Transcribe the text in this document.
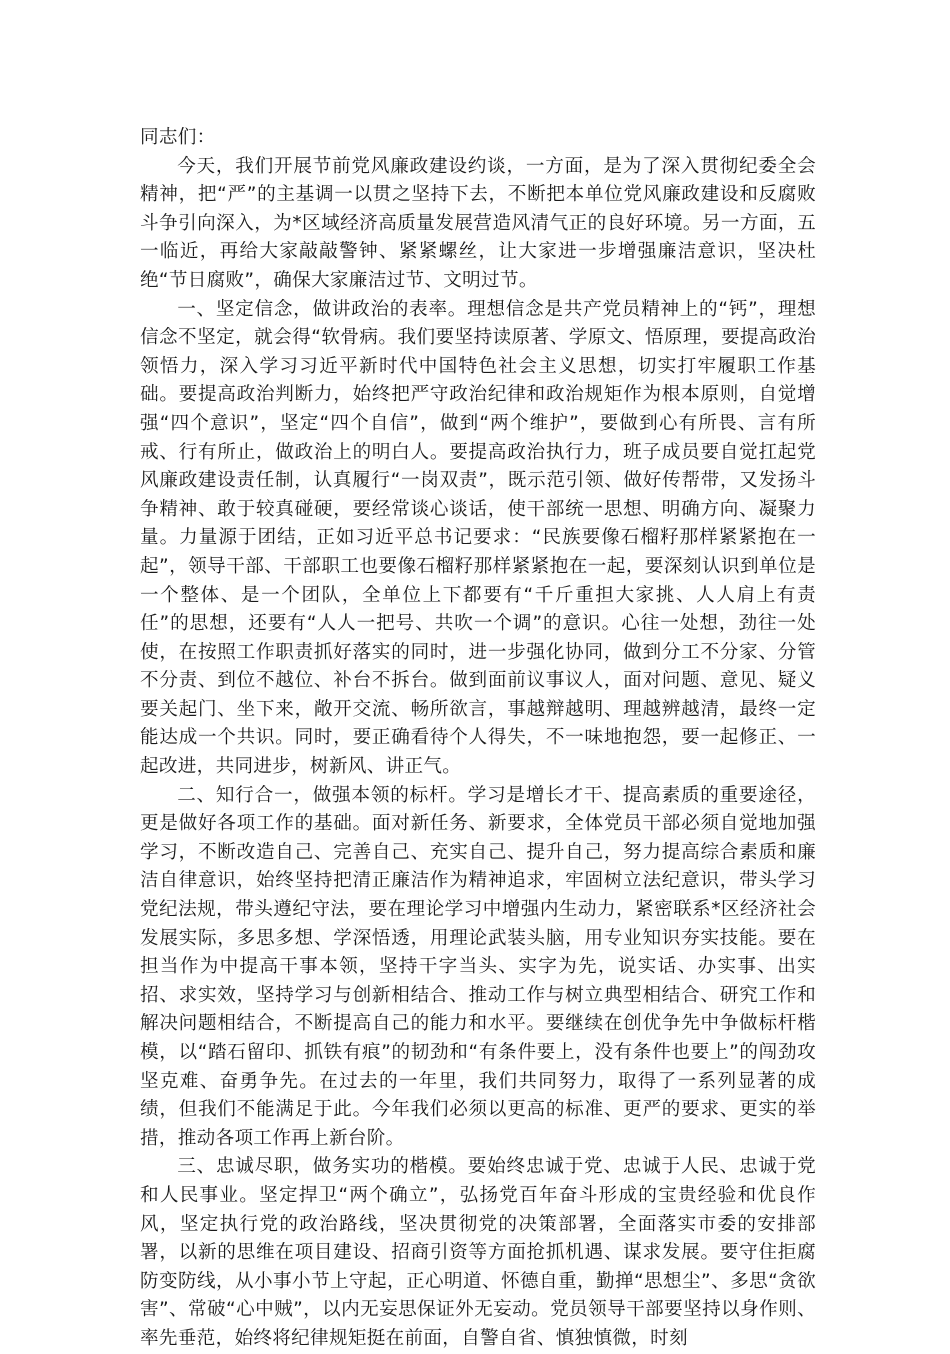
同志们：

今天，我们开展节前党风廉政建设约谈，一方面，是为了深入贯彻纪委全会精神，把“严”的主基调一以贯之坚持下去，不断把本单位党风廉政建设和反腐败斗争引向深入，为*区域经济高质量发展营造风清气正的良好环境。另一方面，五一临近，再给大家敲敲警钟、紧紧螺丝，让大家进一步增强廉洁意识，坚决杜绝“节日腐败”，确保大家廉洁过节、文明过节。

一、坚定信念，做讲政治的表率。理想信念是共产党员精神上的“钙”，理想信念不坚定，就会得“软骨病。我们要坚持读原著、学原文、悟原理，要提高政治领悟力，深入学习习近平新时代中国特色社会主义思想，切实打牢履职工作基础。要提高政治判断力，始终把严守政治纪律和政治规矩作为根本原则，自觉增强“四个意识”，坚定“四个自信”，做到“两个维护”，要做到心有所畏、言有所戒、行有所止，做政治上的明白人。要提高政治执行力，班子成员要自觉扛起党风廉政建设责任制，认真履行“一岗双责”，既示范引领、做好传帮带，又发扬斗争精神、敢于较真碰硬，要经常谈心谈话，使干部统一思想、明确方向、凝聚力量。力量源于团结，正如习近平总书记要求：“民族要像石榴籽那样紧紧抱在一起”，领导干部、干部职工也要像石榴籽那样紧紧抱在一起，要深刻认识到单位是一个整体、是一个团队，全单位上下都要有“千斤重担大家挑、人人肩上有责任”的思想，还要有“人人一把号、共吹一个调”的意识。心往一处想，劲往一处使，在按照工作职责抓好落实的同时，进一步强化协同，做到分工不分家、分管不分责、到位不越位、补台不拆台。做到面前议事议人，面对问题、意见、疑义要关起门、坐下来，敞开交流、畅所欲言，事越辩越明、理越辨越清，最终一定能达成一个共识。同时，要正确看待个人得失，不一味地抱怨，要一起修正、一起改进，共同进步，树新风、讲正气。

二、知行合一，做强本领的标杆。学习是增长才干、提高素质的重要途径，更是做好各项工作的基础。面对新任务、新要求，全体党员干部必须自觉地加强学习，不断改造自己、完善自己、充实自己、提升自己，努力提高综合素质和廉洁自律意识，始终坚持把清正廉洁作为精神追求，牢固树立法纪意识，带头学习党纪法规，带头遵纪守法，要在理论学习中增强内生动力，紧密联系*区经济社会发展实际，多思多想、学深悟透，用理论武装头脑，用专业知识夯实技能。要在担当作为中提高干事本领，坚持干字当头、实字为先，说实话、办实事、出实招、求实效，坚持学习与创新相结合、推动工作与树立典型相结合、研究工作和解决问题相结合，不断提高自己的能力和水平。要继续在创优争先中争做标杆楷模，以“踏石留印、抓铁有痕”的韧劲和“有条件要上，没有条件也要上”的闯劲攻坚克难、奋勇争先。在过去的一年里，我们共同努力，取得了一系列显著的成绩，但我们不能满足于此。今年我们必须以更高的标准、更严的要求、更实的举措，推动各项工作再上新台阶。

三、忠诚尽职，做务实功的楷模。要始终忠诚于党、忠诚于人民、忠诚于党和人民事业。坚定捍卫“两个确立”，弘扬党百年奋斗形成的宝贵经验和优良作风，坚定执行党的政治路线，坚决贯彻党的决策部署，全面落实市委的安排部署，以新的思维在项目建设、招商引资等方面抢抓机遇、谋求发展。要守住拒腐防变防线，从小事小节上守起，正心明道、怀德自重，勤掸“思想尘”、多思“贪欲害”、常破“心中贼”，以内无妄思保证外无妄动。党员领导干部要坚持以身作则、率先垂范，始终将纪律规矩挺在前面，自警自省、慎独慎微，时刻
